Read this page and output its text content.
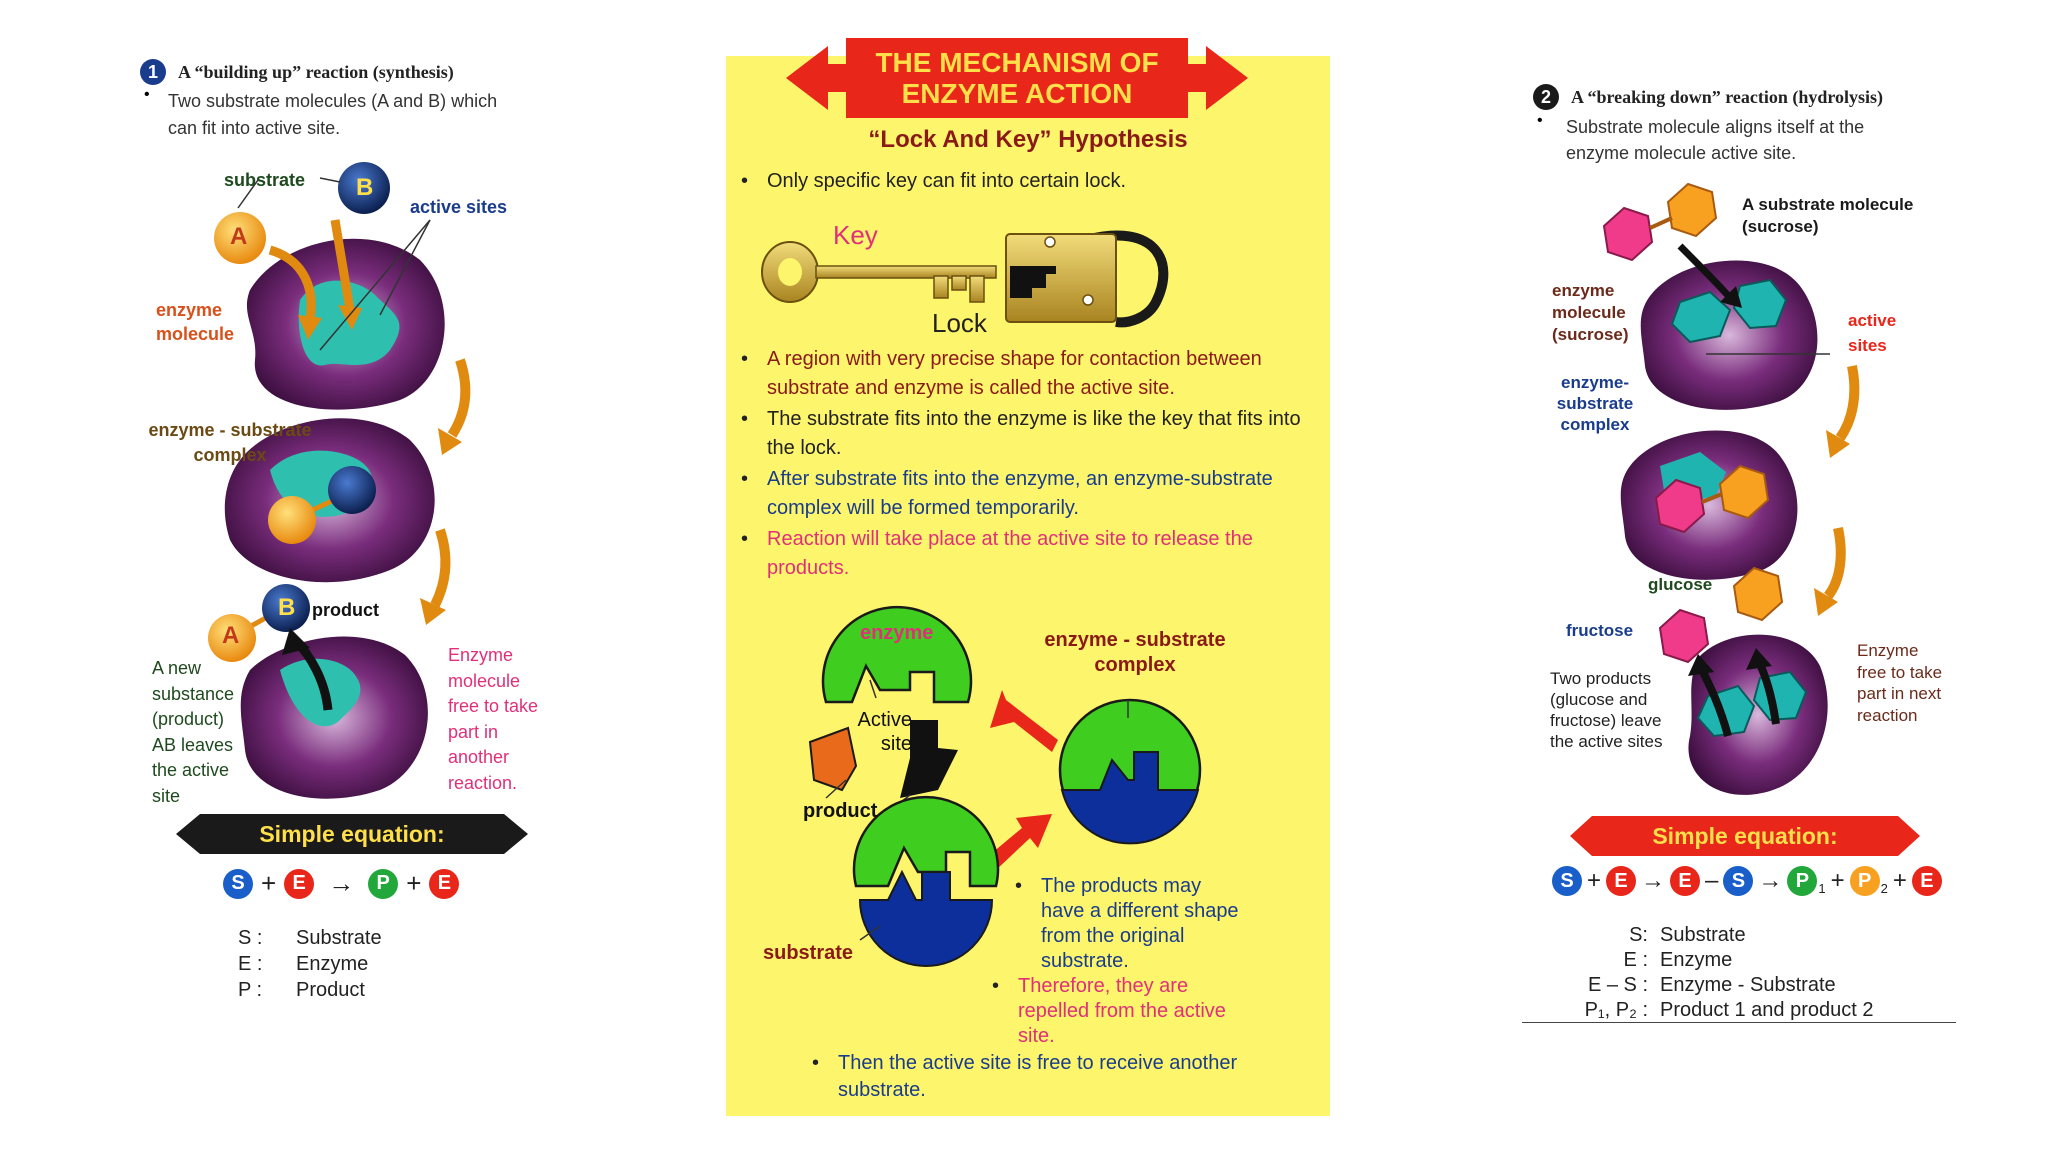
1	A “building up” reaction (synthesis)
• Two substrate molecules (A and B) which can fit into active site.
A
B
A
B
substrate
active sites
enzyme molecule
enzyme - substrate complex
product
A new substance (product) AB leaves the active site
Enzyme molecule free to take part in another reaction.
Simple equation:
S + E →	P + E
S : Substrate
E : Enzyme
P : Product
THE MECHANISM OF
ENZYME ACTION
“Lock And Key” Hypothesis
• Only specific key can fit into certain lock.
Key
Lock
• A region with very precise shape for contaction between substrate and enzyme is called the active site.
• The substrate fits into the enzyme is like the key that fits into the lock.
• After substrate fits into the enzyme, an enzyme-substrate complex will be formed temporarily.
• Reaction will take place at the active site to release the products.
enzyme
Active site
product
enzyme - substrate complex
substrate
• The products may have a different shape from the original substrate.
• Therefore, they are repelled from the active site.
• Then the active site is free to receive another substrate.
2	A “breaking down” reaction (hydrolysis)
• Substrate molecule aligns itself at the enzyme molecule active site.
A substrate molecule (sucrose)
enzyme molecule (sucrose)
active sites
enzyme-substrate complex
glucose
fructose
Two products (glucose and fructose) leave the active sites
Enzyme free to take part in next reaction
Simple equation:
S + E → E – S → P 1 + P 2 + E
S: Substrate
E : Enzyme
E – S : Enzyme - Substrate
P₁, P₂ : Product 1 and product 2
